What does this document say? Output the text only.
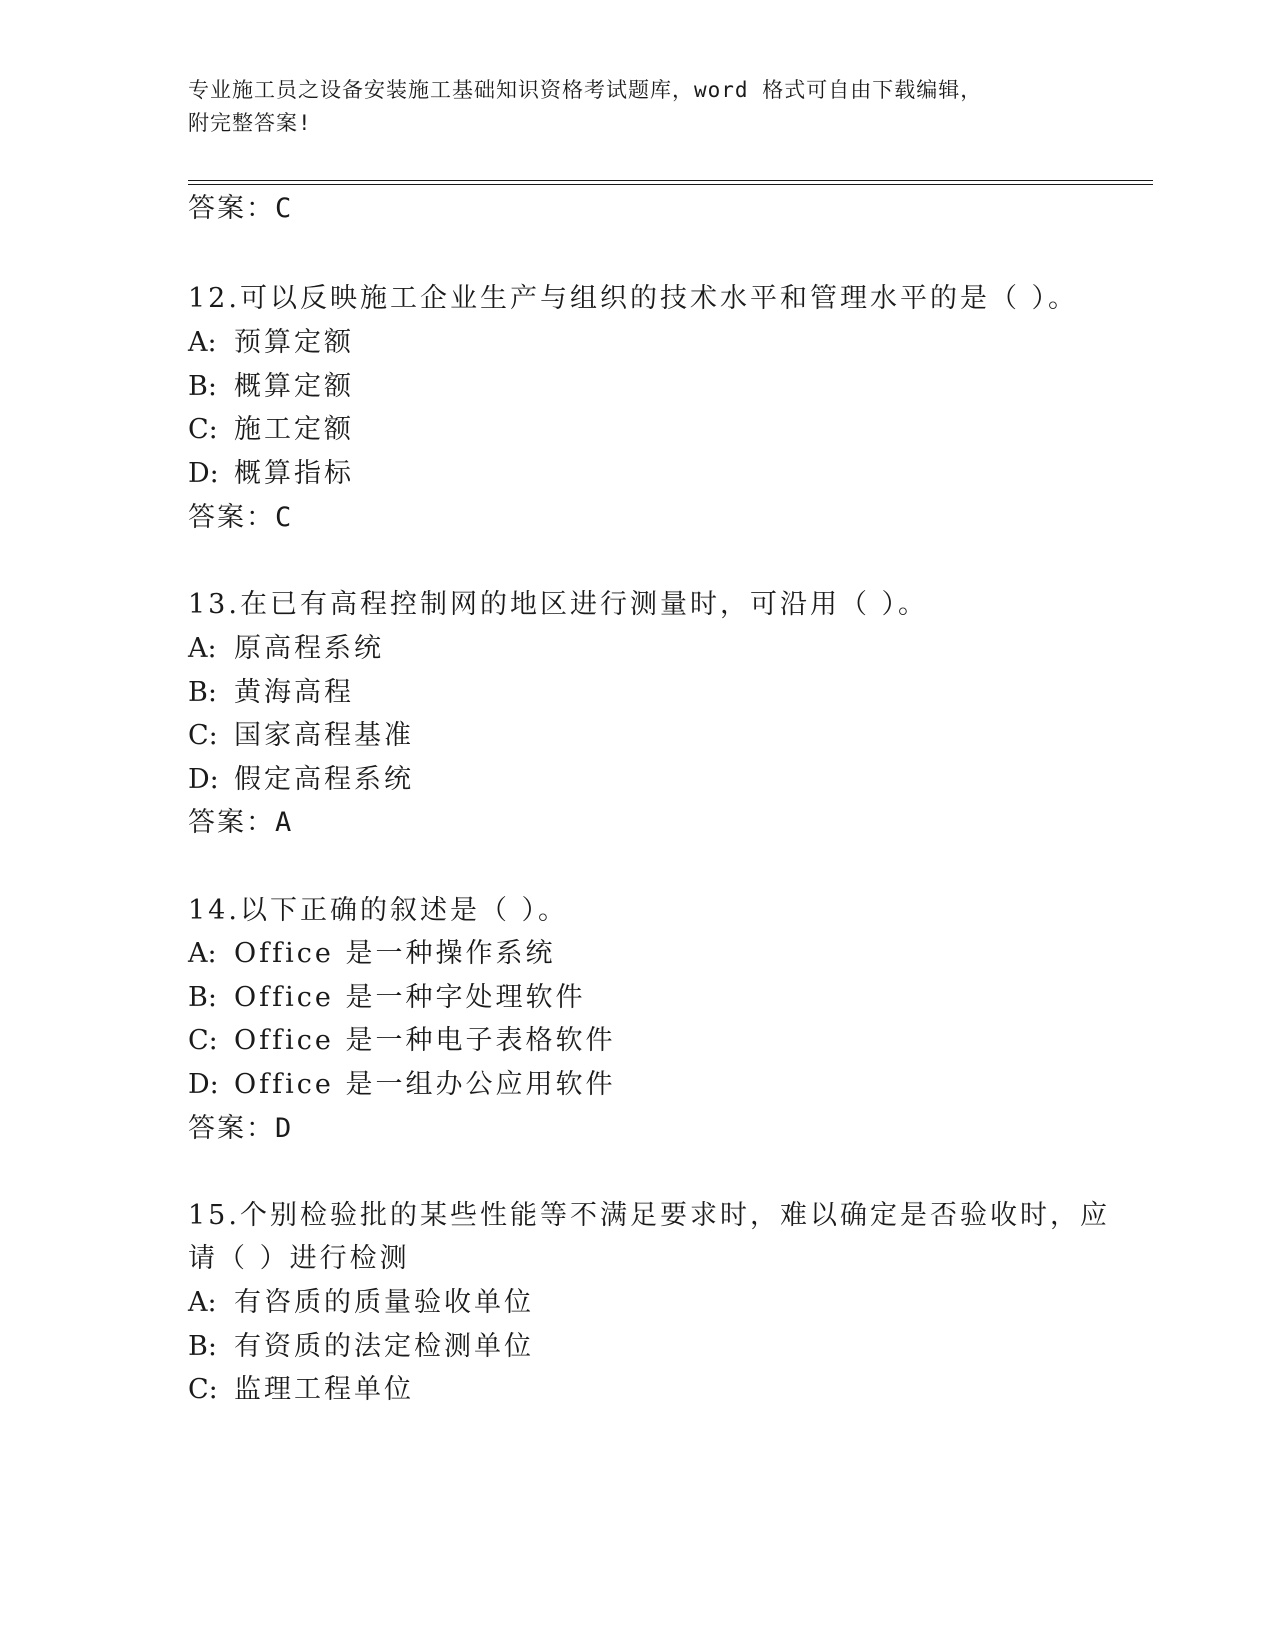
专业施工员之设备安装施工基础知识资格考试题库，word 格式可自由下载编辑，
附完整答案!
答案：C
12.可以反映施工企业生产与组织的技术水平和管理水平的是（ ）。
A: 预算定额
B: 概算定额
C: 施工定额
D: 概算指标
答案：C
13.在已有高程控制网的地区进行测量时，可沿用（ ）。
A: 原高程系统
B: 黄海高程
C: 国家高程基准
D: 假定高程系统
答案：A
14.以下正确的叙述是（ ）。
A: Office 是一种操作系统
B: Office 是一种字处理软件
C: Office 是一种电子表格软件
D: Office 是一组办公应用软件
答案：D
15.个别检验批的某些性能等不满足要求时，难以确定是否验收时，应
请（ ）进行检测
A: 有咨质的质量验收单位
B: 有资质的法定检测单位
C: 监理工程单位
